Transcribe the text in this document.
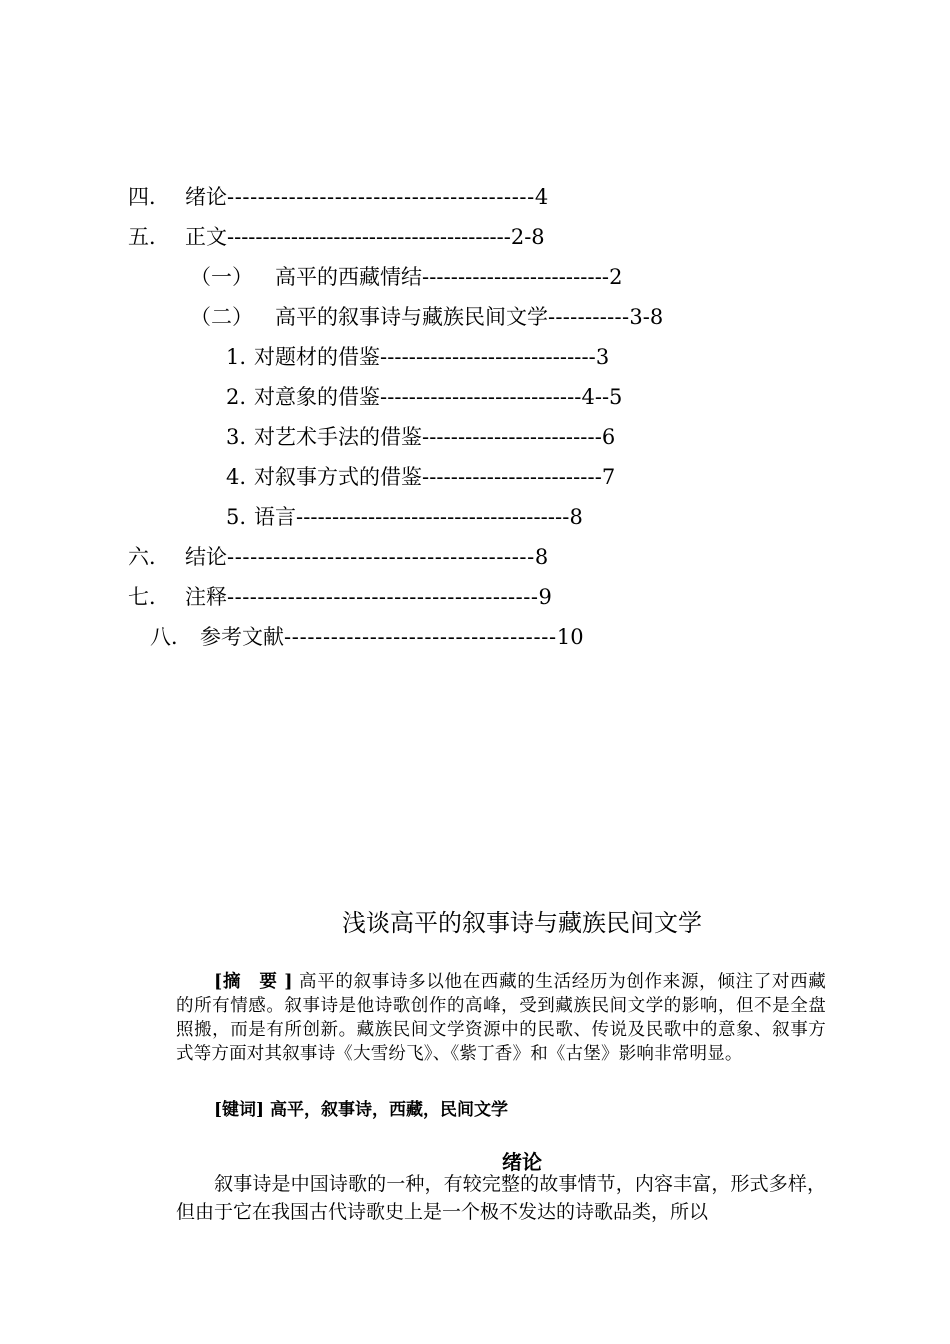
四． 绪论 ---------------------------------------- 4
五． 正文 ---------------------------------------- 2-8
（一）	高平的西藏情结 -------------------------- 2
（二）	高平的叙事诗与藏族民间文学 ----------- 3-8
1. 对题材的借鉴 ------------------------------ 3
2. 对意象的借鉴 ---------------------------- 4--5
3. 对艺术手法的借鉴 ------------------------- 6
4. 对叙事方式的借鉴 ------------------------- 7
5. 语言 -------------------------------------- 8
六． 结论 ---------------------------------------- 8
七． 注释 ----------------------------------------- 9
八． 参考文献 ----------------------------------- 10
浅谈高平的叙事诗与藏族民间文学
[摘　要 ] 高平的叙事诗多以他在西藏的生活经历为创作来源，倾注了对西藏的所有情感。叙事诗是他诗歌创作的高峰，受到藏族民间文学的影响，但不是全盘照搬，而是有所创新。藏族民间文学资源中的民歌、传说及民歌中的意象、叙事方式等方面对其叙事诗《大雪纷飞》、《紫丁香》和《古堡》影响非常明显。
[键词] 高平，叙事诗，西藏，民间文学
绪论
叙事诗是中国诗歌的一种，有较完整的故事情节，内容丰富，形式多样，但由于它在我国古代诗歌史上是一个极不发达的诗歌品类，所以
